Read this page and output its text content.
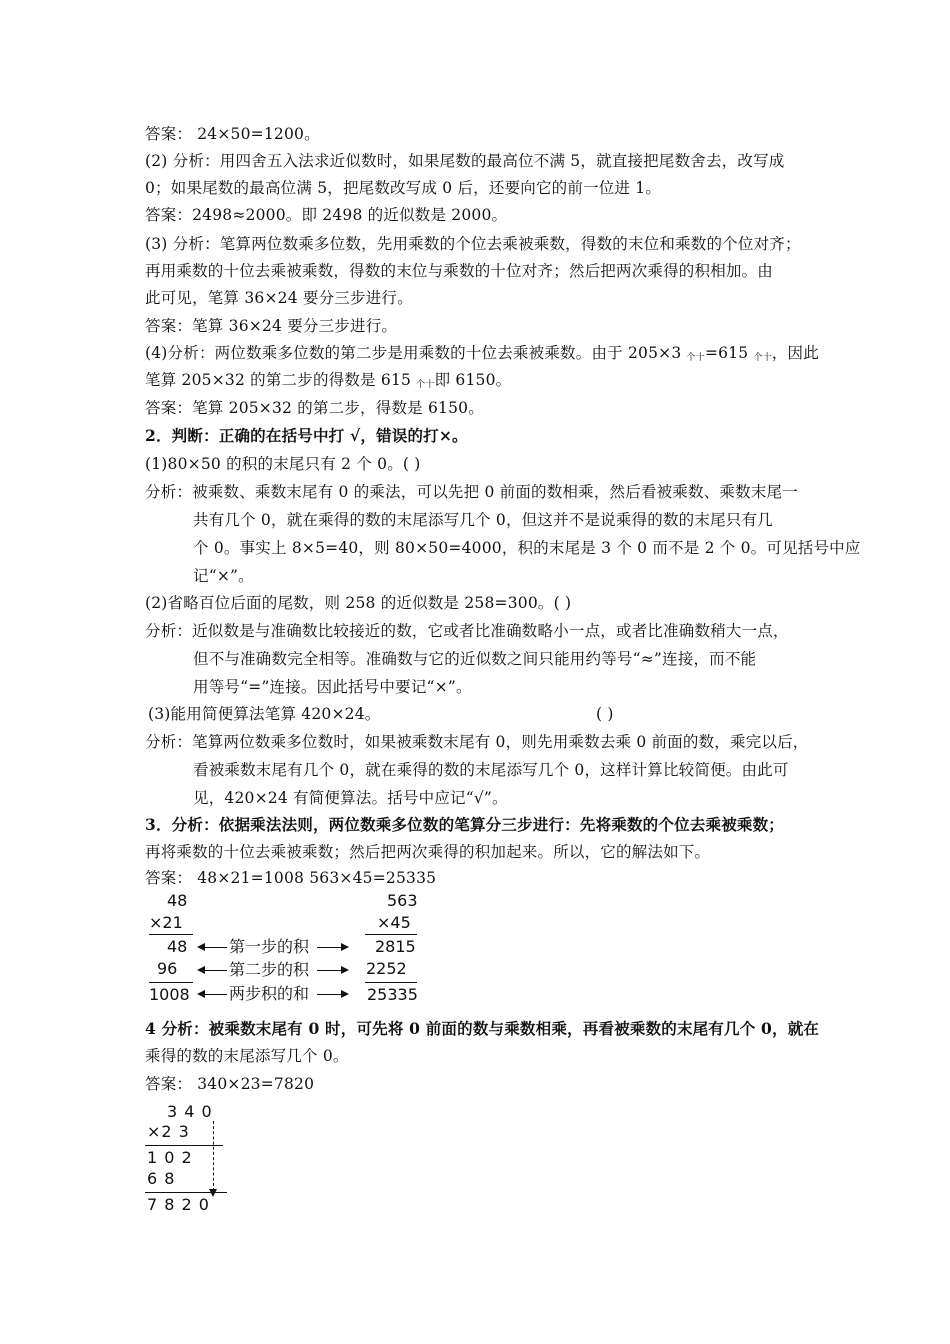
答案： 24×50=1200。
(2) 分析：用四舍五入法求近似数时，如果尾数的最高位不满 5，就直接把尾数舍去，改写成
0；如果尾数的最高位满 5，把尾数改写成 0 后，还要向它的前一位进 1。
答案：2498≈2000。即 2498 的近似数是 2000。
(3) 分析：笔算两位数乘多位数，先用乘数的个位去乘被乘数，得数的末位和乘数的个位对齐；
再用乘数的十位去乘被乘数，得数的末位与乘数的十位对齐；然后把两次乘得的积相加。由
此可见，笔算 36×24 要分三步进行。
答案：笔算 36×24 要分三步进行。
(4)分析：两位数乘多位数的第二步是用乘数的十位去乘被乘数。由于 205×3 $_{个十}$=615 $_{个十}$，因此
笔算 205×32 的第二步的得数是 615 $_{个十}$即 6150。
答案：笔算 205×32 的第二步，得数是 6150。
2．判断：正确的在括号中打 √，错误的打×。
(1)80×50 的积的末尾只有 2 个 0。( )
分析：被乘数、乘数末尾有 0 的乘法，可以先把 0 前面的数相乘，然后看被乘数、乘数末尾一
共有几个 0，就在乘得的数的末尾添写几个 0，但这并不是说乘得的数的末尾只有几
个 0。事实上 8×5=40，则 80×50=4000，积的末尾是 3 个 0 而不是 2 个 0。可见括号中应
记“×”。
(2)省略百位后面的尾数，则 258 的近似数是 258=300。( )
分析：近似数是与准确数比较接近的数，它或者比准确数略小一点，或者比准确数稍大一点，
但不与准确数完全相等。准确数与它的近似数之间只能用约等号“≈”连接，而不能
用等号“=”连接。因此括号中要记“×”。
(3)能用简便算法笔算 420×24。	( )
分析：笔算两位数乘多位数时，如果被乘数末尾有 0，则先用乘数去乘 0 前面的数，乘完以后，
看被乘数末尾有几个 0，就在乘得的数的末尾添写几个 0，这样计算比较简便。由此可
见，420×24 有简便算法。括号中应记“√”。
3．分析：依据乘法法则，两位数乘多位数的笔算分三步进行：先将乘数的个位去乘被乘数；
再将乘数的十位去乘被乘数；然后把两次乘得的积加起来。所以，它的解法如下。
答案： 48×21=1008 563×45=25335
48
×21
48
96
1008
第一步的积
第二步的积
两步积的和
563
×45
2815
2252
25335
4 分析：被乘数末尾有 0 时，可先将 0 前面的数与乘数相乘，再看被乘数的末尾有几个 0，就在
乘得的数的末尾添写几个 0。
答案： 340×23=7820
3 4 0
×2 3
1 0 2
6 8
7 8 2 0
